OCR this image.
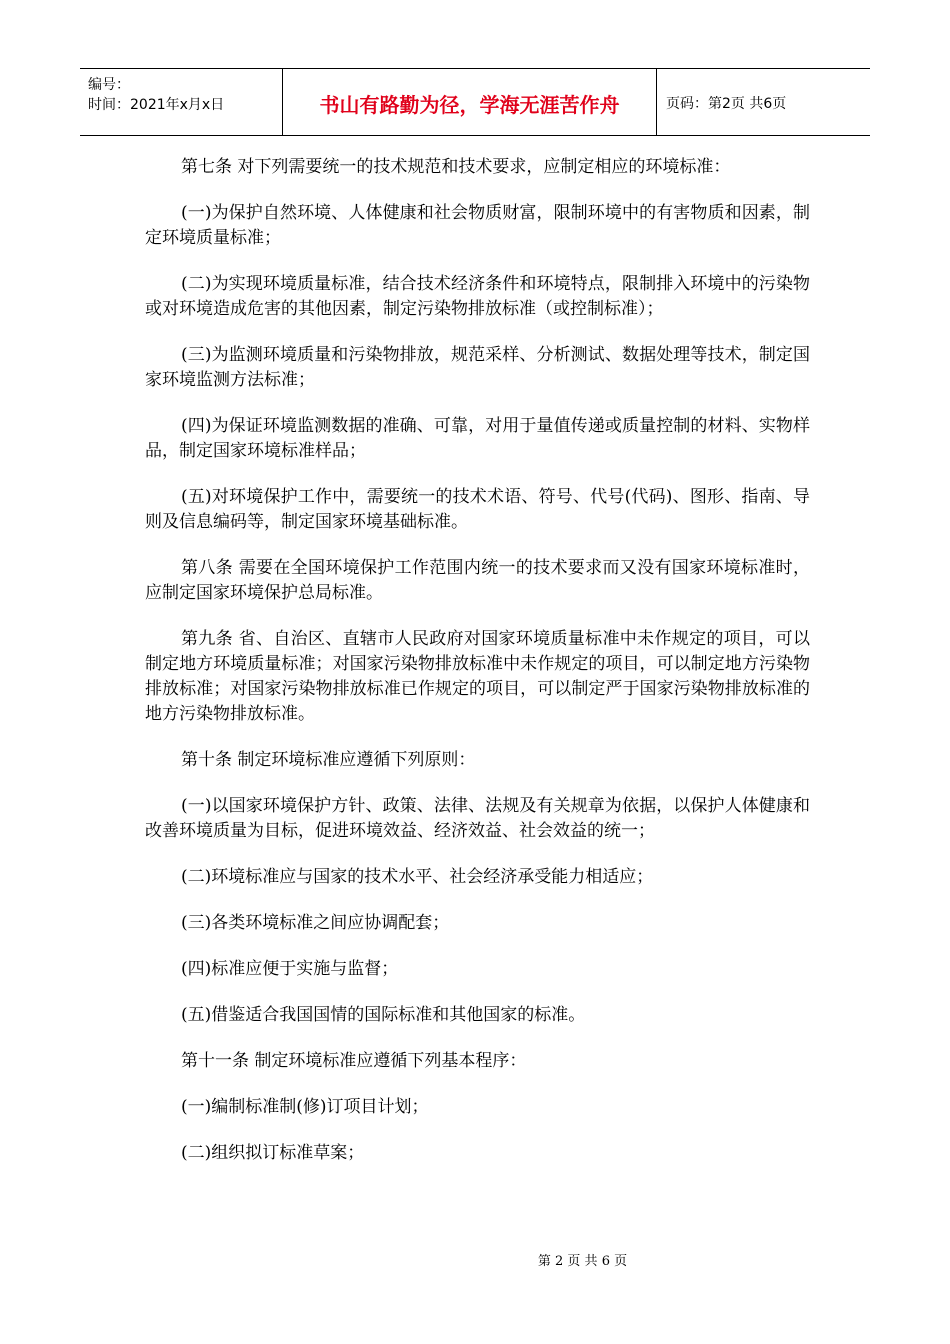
编号：
时间：2021年x月x日	书山有路勤为径，学海无涯苦作舟	页码：第2页 共6页

第七条 对下列需要统一的技术规范和技术要求，应制定相应的环境标准：

(一)为保护自然环境、人体健康和社会物质财富，限制环境中的有害物质和因素，制定环境质量标准；

(二)为实现环境质量标准，结合技术经济条件和环境特点，限制排入环境中的污染物或对环境造成危害的其他因素，制定污染物排放标准（或控制标准）；

(三)为监测环境质量和污染物排放，规范采样、分析测试、数据处理等技术，制定国家环境监测方法标准；

(四)为保证环境监测数据的准确、可靠，对用于量值传递或质量控制的材料、实物样品，制定国家环境标准样品；

(五)对环境保护工作中，需要统一的技术术语、符号、代号(代码)、图形、指南、导则及信息编码等，制定国家环境基础标准。

第八条 需要在全国环境保护工作范围内统一的技术要求而又没有国家环境标准时，应制定国家环境保护总局标准。

第九条 省、自治区、直辖市人民政府对国家环境质量标准中未作规定的项目，可以制定地方环境质量标准；对国家污染物排放标准中未作规定的项目，可以制定地方污染物排放标准；对国家污染物排放标准已作规定的项目，可以制定严于国家污染物排放标准的地方污染物排放标准。

第十条 制定环境标准应遵循下列原则：

(一)以国家环境保护方针、政策、法律、法规及有关规章为依据，以保护人体健康和改善环境质量为目标，促进环境效益、经济效益、社会效益的统一；

(二)环境标准应与国家的技术水平、社会经济承受能力相适应；

(三)各类环境标准之间应协调配套；

(四)标准应便于实施与监督；

(五)借鉴适合我国国情的国际标准和其他国家的标准。

第十一条 制定环境标准应遵循下列基本程序：

(一)编制标准制(修)订项目计划；

(二)组织拟订标准草案；

第 2 页 共 6 页
